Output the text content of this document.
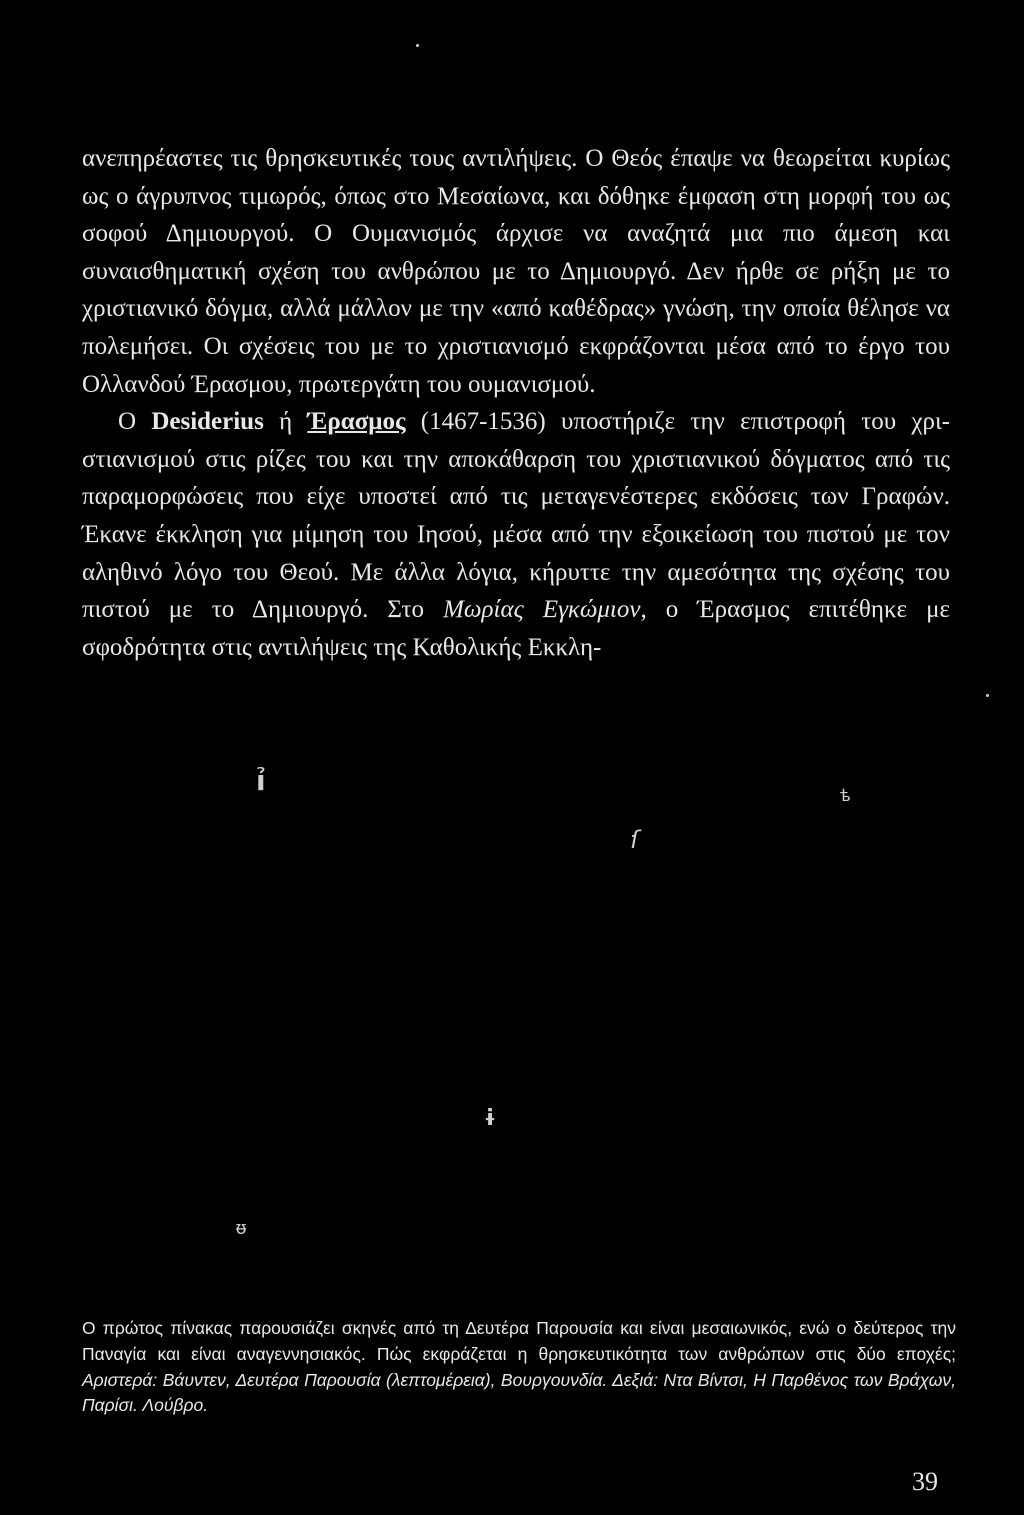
ανεπηρέαστες τις θρησκευτικές τους αντιλήψεις. Ο Θεός έπαψε να θεωρείται κυρίως ως ο άγρυπνος τιμωρός, όπως στο Μεσαίωνα, και δόθηκε έμφαση στη μορφή του ως σοφού Δημιουργού. Ο Ουμανισμός άρχισε να αναζητά μια πιο άμεση και συναισθηματική σχέση του ανθρώπου με το Δημιουργό. Δεν ήρθε σε ρήξη με το χριστιανικό δόγμα, αλλά μάλλον με την «από καθέδρας» γνώση, την οποία θέλησε να πολεμήσει. Οι σχέσεις του με το χριστιανισμό εκφράζονται μέσα από το έργο του Ολλανδού Έρασμου, πρωτεργάτη του ουμανισμού.

Ο Desiderius ή Έρασμος (1467-1536) υποστήριζε την επιστροφή του χριστιανισμού στις ρίζες του και την αποκάθαρση του χριστιανικού δόγματος από τις παραμορφώσεις που είχε υποστεί από τις μεταγενέστερες εκδόσεις των Γραφών. Έκανε έκκληση για μίμηση του Ιησού, μέσα από την εξοικείωση του πιστού με τον αληθινό λόγο του Θεού. Με άλλα λόγια, κήρυττε την αμεσότητα της σχέσης του πιστού με το Δημιουργό. Στο Μωρίας Εγκώμιον, ο Έρασμος επιτέθηκε με σφοδρότητα στις αντιλήψεις της Καθολικής Εκκλη-

ỉ	ѣ
ſ
ɨ
ᵿ
Ο πρώτος πίνακας παρουσιάζει σκηνές από τη Δευτέρα Παρουσία και είναι μεσαιωνικός, ενώ ο δεύτερος την Παναγία και είναι αναγεννησιακός. Πώς εκφράζεται η θρησκευτικότητα των ανθρώπων στις δύο εποχές; Αριστερά: Βάυντεν, Δευτέρα Παρουσία (λεπτομέρεια), Βουργουνδία. Δεξιά: Ντα Βίντσι, Η Παρθένος των Βράχων, Παρίσι. Λούβρο.
39
